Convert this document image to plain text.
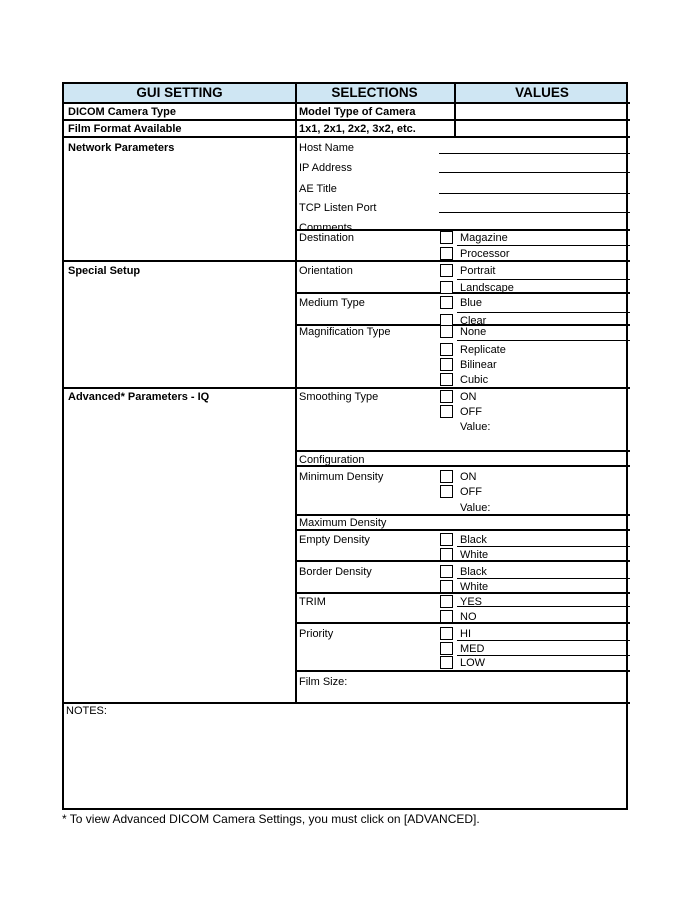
GUI SETTING	SELECTIONS	VALUES
DICOM Camera Type
Film Format Available
Network Parameters
Special Setup
Advanced* Parameters - IQ
Model Type of Camera
1x1, 2x1, 2x2, 3x2, etc.
Host Name
IP Address
AE Title
TCP Listen Port
Comments
Destination
Orientation
Medium Type
Magnification Type
Smoothing Type
Configuration
Minimum Density
Maximum Density
Empty Density
Border Density
TRIM
Priority
Film Size:
Magazine
Processor
Portrait
Landscape
Blue
Clear
None
Replicate
Bilinear
Cubic
ON
OFF
Value:
ON
OFF
Value:
Black
White
Black
White
YES
NO
HI
MED
LOW
NOTES:
* To view Advanced DICOM Camera Settings, you must click on [ADVANCED].
